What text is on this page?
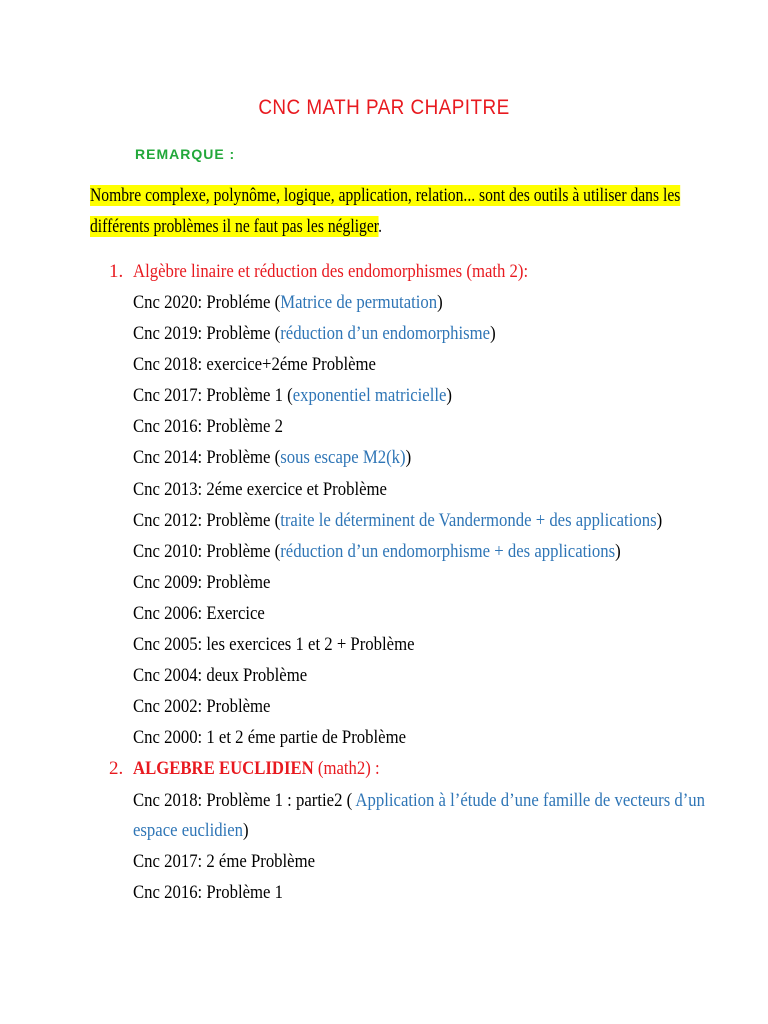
CNC MATH PAR CHAPITRE
REMARQUE :
Nombre complexe, polynôme, logique, application, relation... sont des outils à utiliser dans les
différents problèmes il ne faut pas les négliger.
1. Algèbre linaire et réduction des endomorphismes (math 2):
Cnc 2020: Probléme (Matrice de permutation)
Cnc 2019: Problème (réduction d’un endomorphisme)
Cnc 2018: exercice+2éme Problème
Cnc 2017: Problème 1 (exponentiel matricielle)
Cnc 2016: Problème 2
Cnc 2014: Problème (sous escape M2(k))
Cnc 2013: 2éme exercice et Problème
Cnc 2012: Problème (traite le déterminent de Vandermonde + des applications)
Cnc 2010: Problème (réduction d’un endomorphisme + des applications)
Cnc 2009: Problème
Cnc 2006: Exercice
Cnc 2005: les exercices 1 et 2 + Problème
Cnc 2004: deux Problème
Cnc 2002: Problème
Cnc 2000: 1 et 2 éme partie de Problème
2. ALGEBRE EUCLIDIEN (math2) :
Cnc 2018: Problème 1 : partie2 ( Application à l’étude d’une famille de vecteurs d’un
espace euclidien)
Cnc 2017: 2 éme Problème
Cnc 2016: Problème 1
